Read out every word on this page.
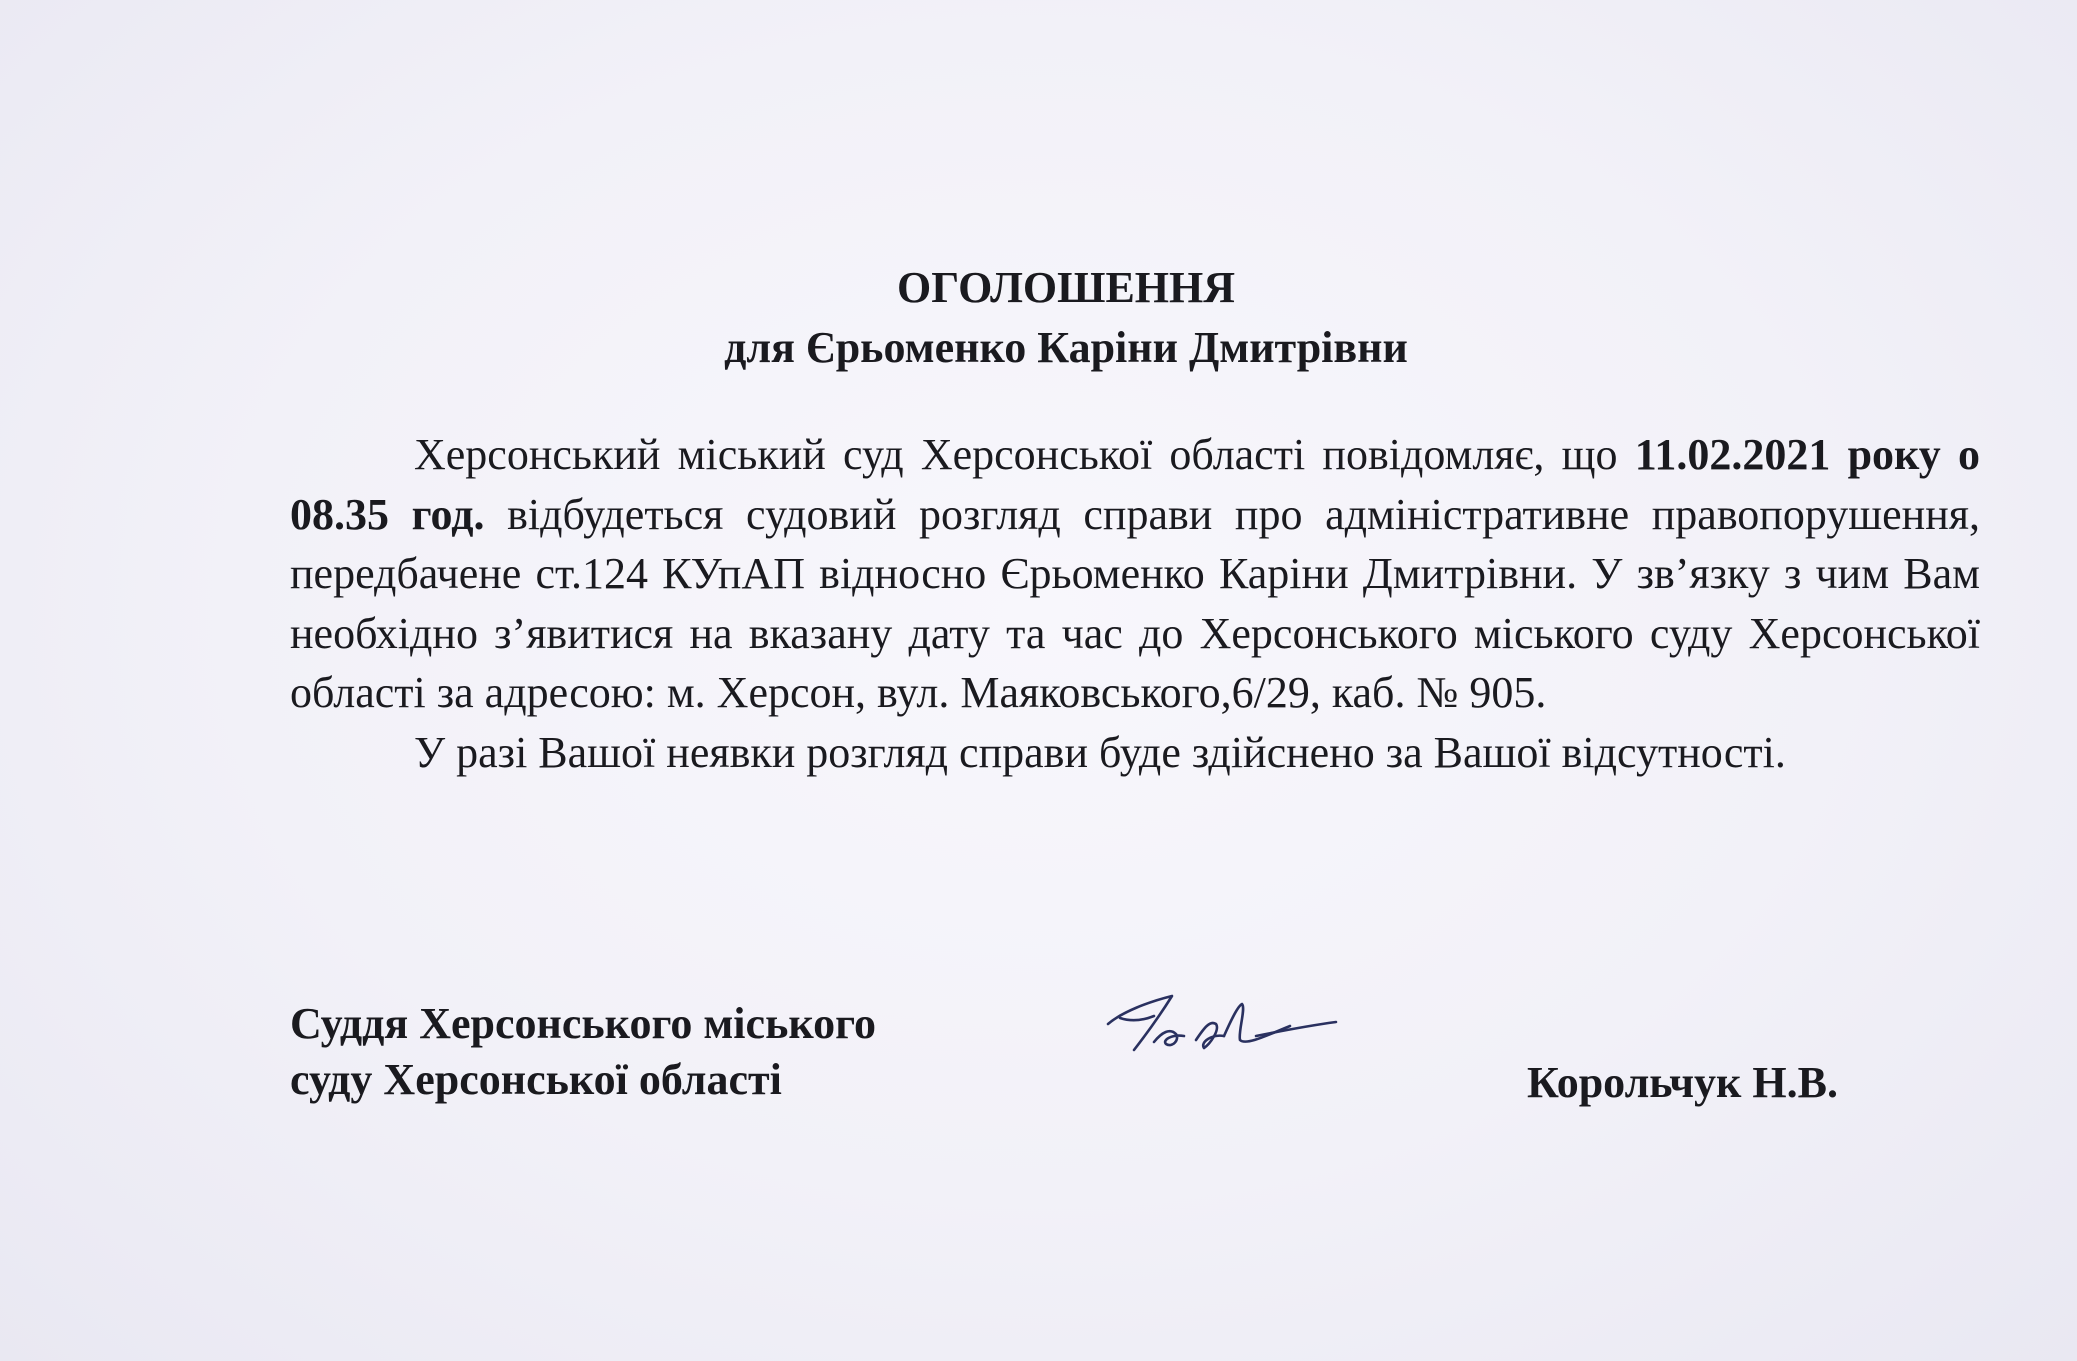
ОГОЛОШЕННЯ
для Єрьоменко Каріни Дмитрівни

Херсонський міський суд Херсонської області повідомляє, що 11.02.2021 року о 08.35 год. відбудеться судовий розгляд справи про адміністративне правопорушення, передбачене ст.124 КУпАП відносно Єрьоменко Каріни Дмитрівни. У зв’язку з чим Вам необхідно з’явитися на вказану дату та час до Херсонського міського суду Херсонської області за адресою: м. Херсон, вул. Маяковського,6/29, каб. № 905.

У разі Вашої неявки розгляд справи буде здійснено за Вашої відсутності.

Суддя Херсонського міського
суду Херсонської області	Корольчук Н.В.
